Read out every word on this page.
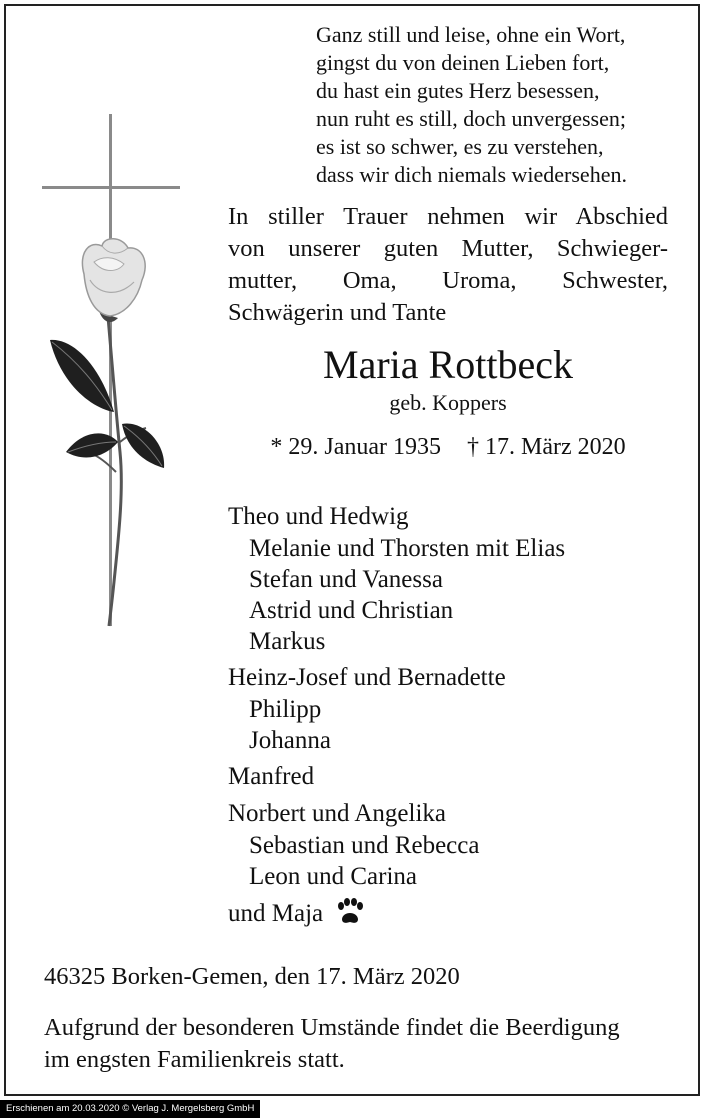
Ganz still und leise, ohne ein Wort,
gingst du von deinen Lieben fort,
du hast ein gutes Herz besessen,
nun ruht es still, doch unvergessen;
es ist so schwer, es zu verstehen,
dass wir dich niemals wiedersehen.
In stiller Trauer nehmen wir Abschied
von unserer guten Mutter, Schwieger-
mutter, Oma, Uroma, Schwester,
Schwägerin und Tante
Maria Rottbeck
geb. Koppers
* 29. Januar 1935 † 17. März 2020
Theo und Hedwig
Melanie und Thorsten mit Elias
Stefan und Vanessa
Astrid und Christian
Markus
Heinz-Josef und Bernadette
Philipp
Johanna
Manfred
Norbert und Angelika
Sebastian und Rebecca
Leon und Carina
und Maja
46325 Borken-Gemen, den 17. März 2020
Aufgrund der besonderen Umstände findet die Beerdigung
im engsten Familienkreis statt.
Erschienen am 20.03.2020 © Verlag J. Mergelsberg GmbH
